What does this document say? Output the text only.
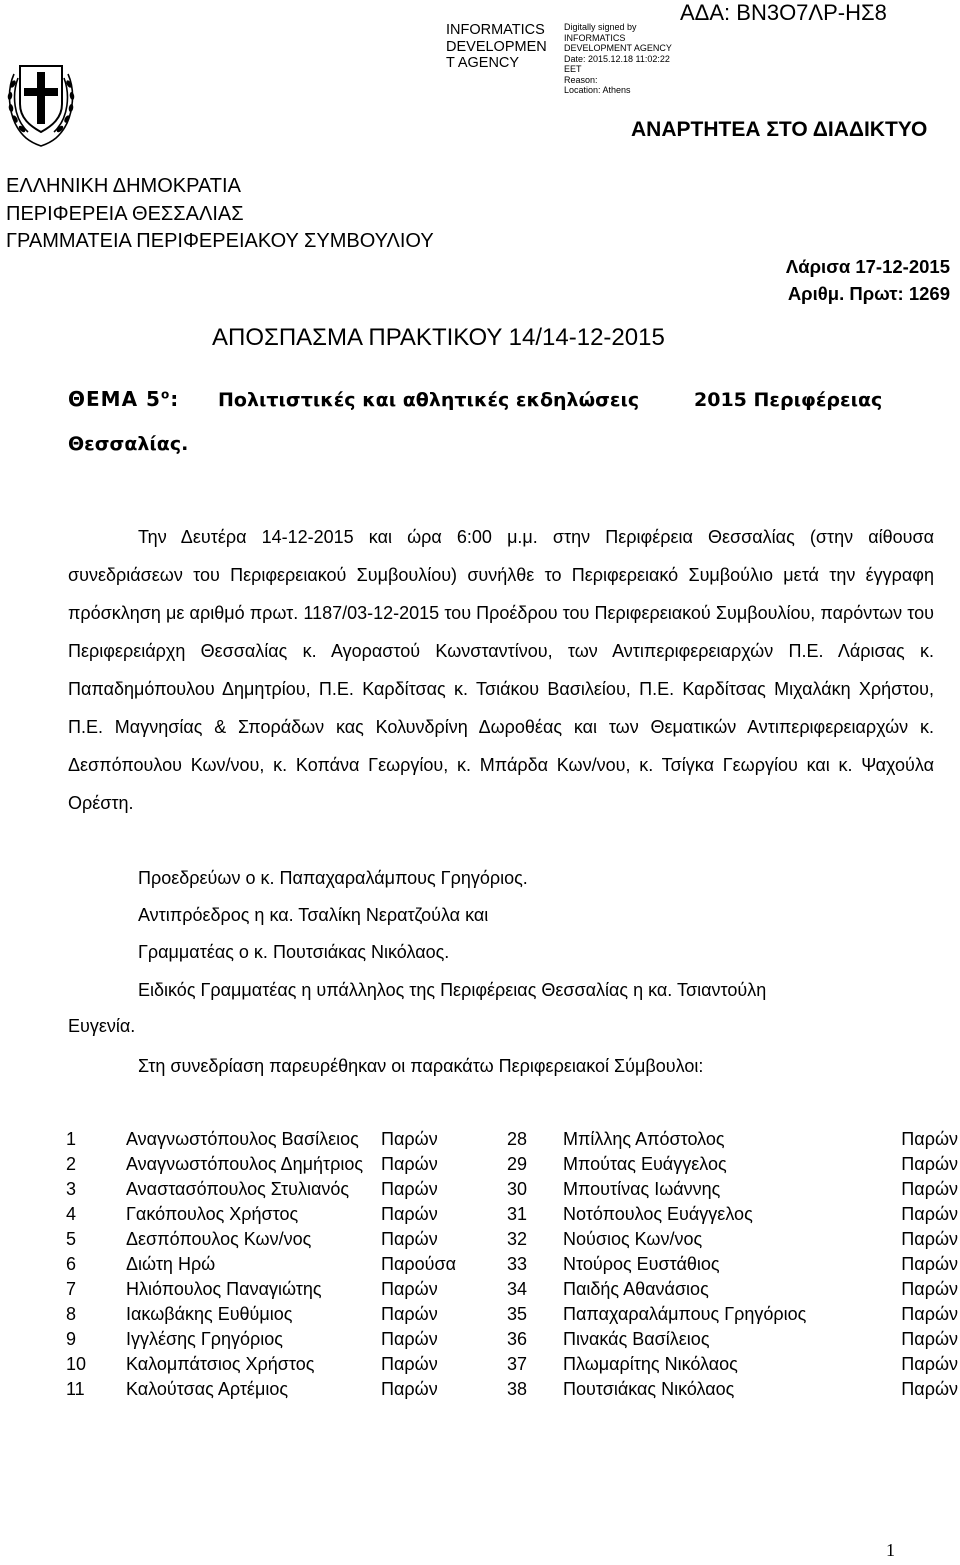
INFORMATICS
DEVELOPMEN
T AGENCY
Digitally signed by
INFORMATICS
DEVELOPMENT AGENCY
Date: 2015.12.18 11:02:22
EET
Reason:
Location: Athens
ΑΔΑ: ΒΝ3Ο7ΛΡ-ΗΣ8
ΑΝΑΡΤΗΤΕΑ ΣΤΟ ΔΙΑΔΙΚΤΥΟ
ΕΛΛΗΝΙΚΗ ΔΗΜΟΚΡΑΤΙΑ
ΠΕΡΙΦΕΡΕΙΑ ΘΕΣΣΑΛΙΑΣ
ΓΡΑΜΜΑΤΕΙΑ ΠΕΡΙΦΕΡΕΙΑΚΟΥ ΣΥΜΒΟΥΛΙΟΥ
Λάρισα 17-12-2015
Αριθμ. Πρωτ: 1269
ΑΠΟΣΠΑΣΜΑ ΠΡΑΚΤΙΚΟΥ 14/14-12-2015
ΘΕΜΑ $5^o$: Πολιτιστικές και αθλητικές εκδηλώσεις	2015 Περιφέρειας
Θεσσαλίας.
Την Δευτέρα 14-12-2015 και ώρα 6:00 μ.μ. στην Περιφέρεια Θεσσαλίας (στην αίθουσα συνεδριάσεων του Περιφερειακού Συμβουλίου) συνήλθε το Περιφερειακό Συμβούλιο μετά την έγγραφη πρόσκληση με αριθμό πρωτ. 1187/03-12-2015 του Προέδρου του Περιφερειακού Συμβουλίου, παρόντων του Περιφερειάρχη Θεσσαλίας κ. Αγοραστού Κωνσταντίνου, των Αντιπεριφερειαρχών Π.Ε. Λάρισας κ. Παπαδημόπουλου Δημητρίου, Π.Ε. Καρδίτσας κ. Τσιάκου Βασιλείου, Π.Ε. Καρδίτσας Μιχαλάκη Χρήστου, Π.Ε. Μαγνησίας & Σποράδων κας Κολυνδρίνη Δωροθέας και των Θεματικών Αντιπεριφερειαρχών κ. Δεσπόπουλου Κων/νου, κ. Κοπάνα Γεωργίου, κ. Μπάρδα Κων/νου, κ. Τσίγκα Γεωργίου και κ. Ψαχούλα Ορέστη.
Προεδρεύων ο κ. Παπαχαραλάμπους Γρηγόριος.
Αντιπρόεδρος η κα. Τσαλίκη Νερατζούλα και
Γραμματέας ο κ. Πουτσιάκας Νικόλαος.
Ειδικός Γραμματέας η υπάλληλος της Περιφέρειας Θεσσαλίας η κα. Τσιαντούλη
Ευγενία.
Στη συνεδρίαση παρευρέθηκαν οι παρακάτω Περιφερειακοί Σύμβουλοι:
1	Αναγνωστόπουλος Βασίλειος	Παρών	28	Μπίλλης Απόστολος	Παρών
2	Αναγνωστόπουλος Δημήτριος	Παρών	29	Μπούτας Ευάγγελος	Παρών
3	Αναστασόπουλος Στυλιανός	Παρών	30	Μπουτίνας Ιωάννης	Παρών
4	Γακόπουλος Χρήστος	Παρών	31	Νοτόπουλος Ευάγγελος	Παρών
5	Δεσπόπουλος Κων/νος	Παρών	32	Νούσιος Κων/νος	Παρών
6	Διώτη Ηρώ	Παρούσα	33	Ντούρος Ευστάθιος	Παρών
7	Ηλιόπουλος Παναγιώτης	Παρών	34	Παιδής Αθανάσιος	Παρών
8	Ιακωβάκης Ευθύμιος	Παρών	35	Παπαχαραλάμπους Γρηγόριος	Παρών
9	Ιγγλέσης Γρηγόριος	Παρών	36	Πινακάς Βασίλειος	Παρών
10	Καλομπάτσιος Χρήστος	Παρών	37	Πλωμαρίτης Νικόλαος	Παρών
11	Καλούτσας Αρτέμιος	Παρών	38	Πουτσιάκας Νικόλαος	Παρών
1
